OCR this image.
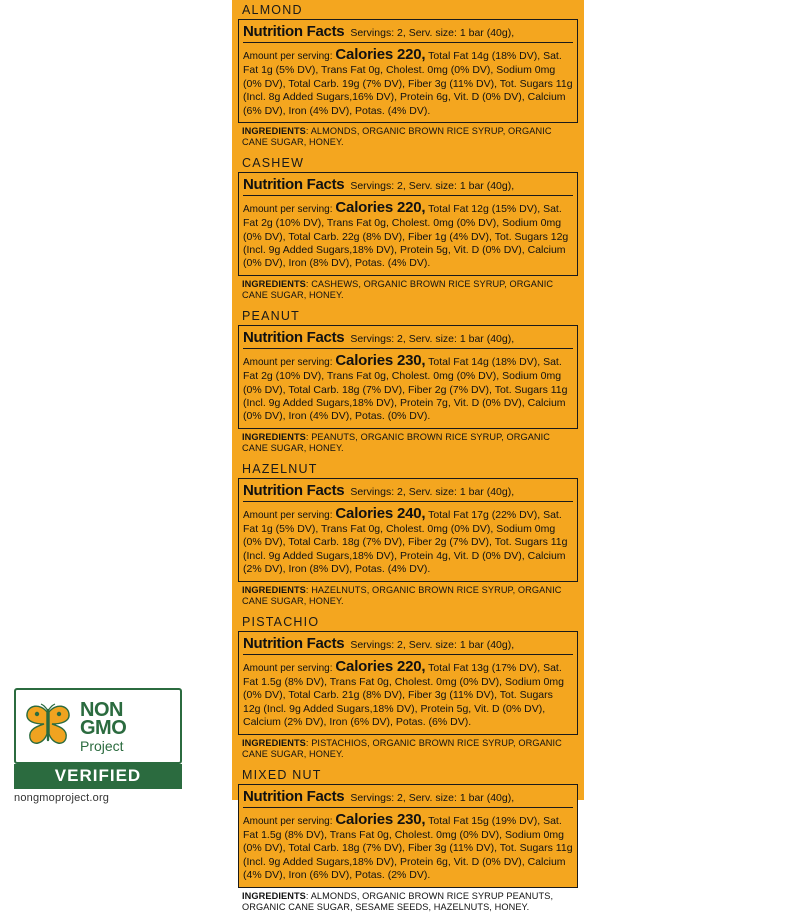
ALMOND
Nutrition Facts Servings: 2, Serv. size: 1 bar (40g),
Amount per serving: Calories 220, Total Fat 14g (18% DV), Sat. Fat 1g (5% DV), Trans Fat 0g, Cholest. 0mg (0% DV), Sodium 0mg (0% DV), Total Carb. 19g (7% DV), Fiber 3g (11% DV), Tot. Sugars 11g (Incl. 8g Added Sugars,16% DV), Protein 6g, Vit. D (0% DV), Calcium (6% DV), Iron (4% DV), Potas. (4% DV).
INGREDIENTS: ALMONDS, ORGANIC BROWN RICE SYRUP, ORGANIC CANE SUGAR, HONEY.
CASHEW
Nutrition Facts Servings: 2, Serv. size: 1 bar (40g),
Amount per serving: Calories 220, Total Fat 12g (15% DV), Sat. Fat 2g (10% DV), Trans Fat 0g, Cholest. 0mg (0% DV), Sodium 0mg (0% DV), Total Carb. 22g (8% DV), Fiber 1g (4% DV), Tot. Sugars 12g (Incl. 9g Added Sugars,18% DV), Protein 5g, Vit. D (0% DV), Calcium (0% DV), Iron (8% DV), Potas. (4% DV).
INGREDIENTS: CASHEWS, ORGANIC BROWN RICE SYRUP, ORGANIC CANE SUGAR, HONEY.
PEANUT
Nutrition Facts Servings: 2, Serv. size: 1 bar (40g),
Amount per serving: Calories 230, Total Fat 14g (18% DV), Sat. Fat 2g (10% DV), Trans Fat 0g, Cholest. 0mg (0% DV), Sodium 0mg (0% DV), Total Carb. 18g (7% DV), Fiber 2g (7% DV), Tot. Sugars 11g (Incl. 9g Added Sugars,18% DV), Protein 7g, Vit. D (0% DV), Calcium (0% DV), Iron (4% DV), Potas. (0% DV).
INGREDIENTS: PEANUTS, ORGANIC BROWN RICE SYRUP, ORGANIC CANE SUGAR, HONEY.
HAZELNUT
Nutrition Facts Servings: 2, Serv. size: 1 bar (40g),
Amount per serving: Calories 240, Total Fat 17g (22% DV), Sat. Fat 1g (5% DV), Trans Fat 0g, Cholest. 0mg (0% DV), Sodium 0mg (0% DV), Total Carb. 18g (7% DV), Fiber 2g (7% DV), Tot. Sugars 11g (Incl. 9g Added Sugars,18% DV), Protein 4g, Vit. D (0% DV), Calcium (2% DV), Iron (8% DV), Potas. (4% DV).
INGREDIENTS: HAZELNUTS, ORGANIC BROWN RICE SYRUP, ORGANIC CANE SUGAR, HONEY.
PISTACHIO
Nutrition Facts Servings: 2, Serv. size: 1 bar (40g),
Amount per serving: Calories 220, Total Fat 13g (17% DV), Sat. Fat 1.5g (8% DV), Trans Fat 0g, Cholest. 0mg (0% DV), Sodium 0mg (0% DV), Total Carb. 21g (8% DV), Fiber 3g (11% DV), Tot. Sugars 12g (Incl. 9g Added Sugars,18% DV), Protein 5g, Vit. D (0% DV), Calcium (2% DV), Iron (6% DV), Potas. (6% DV).
INGREDIENTS: PISTACHIOS, ORGANIC BROWN RICE SYRUP, ORGANIC CANE SUGAR, HONEY.
MIXED NUT
Nutrition Facts Servings: 2, Serv. size: 1 bar (40g),
Amount per serving: Calories 230, Total Fat 15g (19% DV), Sat. Fat 1.5g (8% DV), Trans Fat 0g, Cholest. 0mg (0% DV), Sodium 0mg (0% DV), Total Carb. 18g (7% DV), Fiber 3g (11% DV), Tot. Sugars 11g (Incl. 9g Added Sugars,18% DV), Protein 6g, Vit. D (0% DV), Calcium (4% DV), Iron (6% DV), Potas. (2% DV).
INGREDIENTS: ALMONDS, ORGANIC BROWN RICE SYRUP PEANUTS, ORGANIC CANE SUGAR, SESAME SEEDS, HAZELNUTS, HONEY.
NON
GMO
Project
VERIFIED
nongmoproject.org
